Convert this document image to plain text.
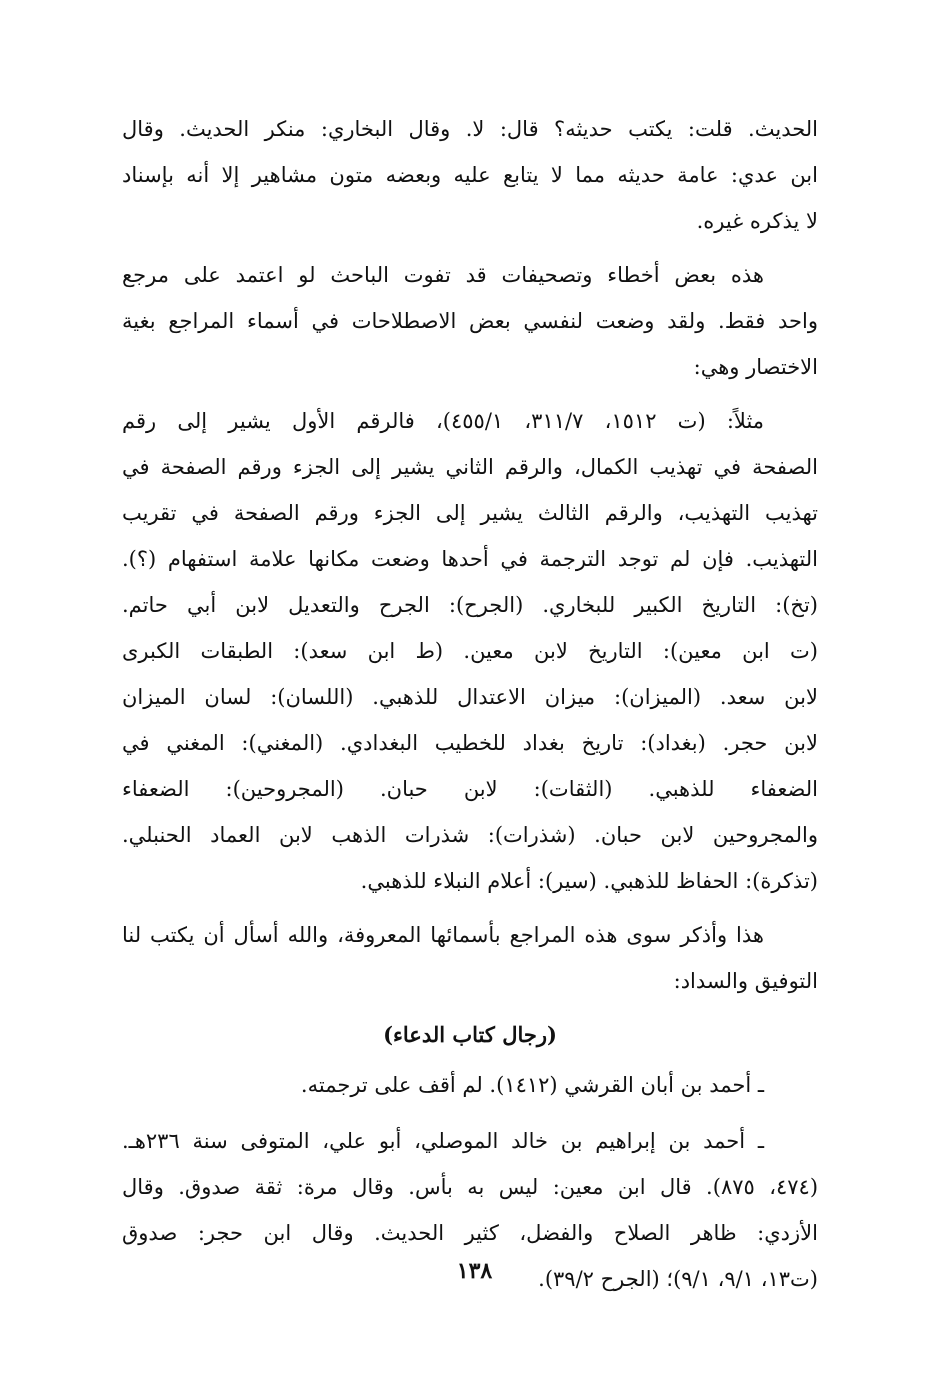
الحديث. قلت: يكتب حديثه؟ قال: لا. وقال البخاري: منكر الحديث. وقال
ابن عدي: عامة حديثه مما لا يتابع عليه وبعضه متون مشاهير إلا أنه بإسناد
لا يذكره غيره.
هذه بعض أخطاء وتصحيفات قد تفوت الباحث لو اعتمد على مرجع
واحد فقط. ولقد وضعت لنفسي بعض الاصطلاحات في أسماء المراجع بغية
الاختصار وهي:
مثلاً: (ت ١٥١٢، ٣١١/٧، ٤٥٥/١)، فالرقم الأول يشير إلى رقم
الصفحة في تهذيب الكمال، والرقم الثاني يشير إلى الجزء ورقم الصفحة في
تهذيب التهذيب، والرقم الثالث يشير إلى الجزء ورقم الصفحة في تقريب
التهذيب. فإن لم توجد الترجمة في أحدها وضعت مكانها علامة استفهام (؟).
(تخ): التاريخ الكبير للبخاري. (الجرح): الجرح والتعديل لابن أبي حاتم.
(ت ابن معين): التاريخ لابن معين. (ط ابن سعد): الطبقات الكبرى
لابن سعد. (الميزان): ميزان الاعتدال للذهبي. (اللسان): لسان الميزان
لابن حجر. (بغداد): تاريخ بغداد للخطيب البغدادي. (المغني): المغني في
الضعفاء للذهبي. (الثقات): لابن حبان. (المجروحين): الضعفاء
والمجروحين لابن حبان. (شذرات): شذرات الذهب لابن العماد الحنبلي.
(تذكرة): الحفاظ للذهبي. (سير): أعلام النبلاء للذهبي.
هذا وأذكر سوى هذه المراجع بأسمائها المعروفة، والله أسأل أن يكتب لنا
التوفيق والسداد:
(رجال كتاب الدعاء)
ـ أحمد بن أبان القرشي (١٤١٢). لم أقف على ترجمته.
ـ أحمد بن إبراهيم بن خالد الموصلي، أبو علي، المتوفى سنة ٢٣٦هـ.
(٤٧٤، ٨٧٥). قال ابن معين: ليس به بأس. وقال مرة: ثقة صدوق. وقال
الأزدي: ظاهر الصلاح والفضل، كثير الحديث. وقال ابن حجر: صدوق
(ت١٣، ٩/١، ٩/١)؛ (الجرح ٣٩/٢).
١٣٨
